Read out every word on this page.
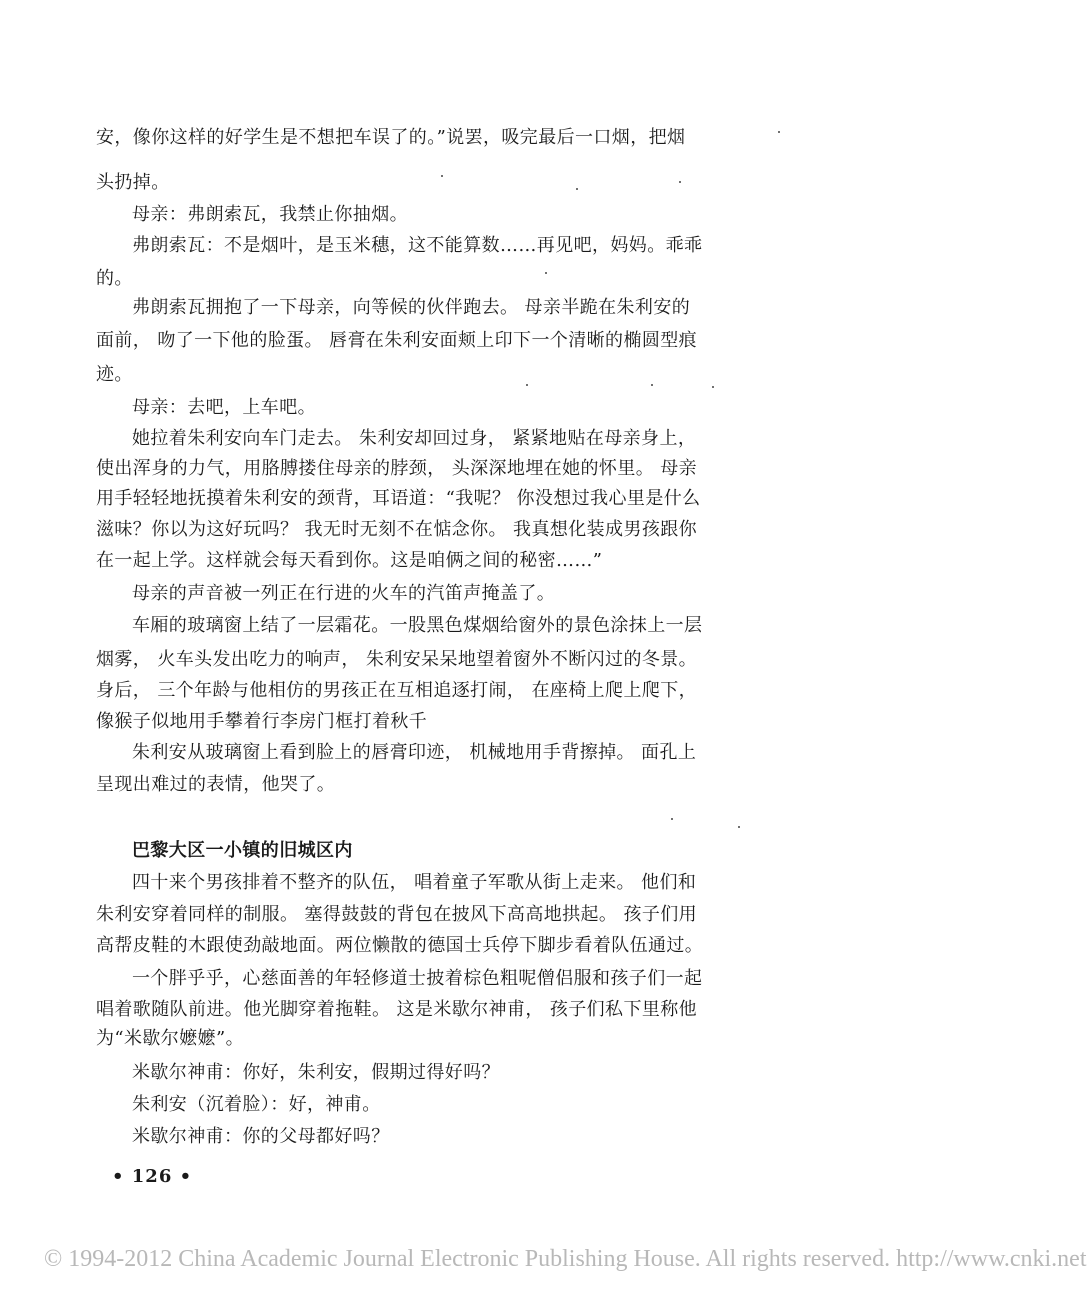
安，像你这样的好学生是不想把车误了的。”说罢，吸完最后一口烟，把烟
头扔掉。
母亲：弗朗索瓦，我禁止你抽烟。
弗朗索瓦：不是烟叶，是玉米穗，这不能算数……再见吧，妈妈。乖乖
的。
弗朗索瓦拥抱了一下母亲，向等候的伙伴跑去。 母亲半跪在朱利安的
面前， 吻了一下他的脸蛋。 唇膏在朱利安面颊上印下一个清晰的椭圆型痕
迹。
母亲：去吧，上车吧。
她拉着朱利安向车门走去。 朱利安却回过身， 紧紧地贴在母亲身上，
使出浑身的力气，用胳膊搂住母亲的脖颈， 头深深地埋在她的怀里。 母亲
用手轻轻地抚摸着朱利安的颈背，耳语道：“我呢？ 你没想过我心里是什么
滋味？你以为这好玩吗？ 我无时无刻不在惦念你。 我真想化装成男孩跟你
在一起上学。这样就会每天看到你。这是咱俩之间的秘密……”
母亲的声音被一列正在行进的火车的汽笛声掩盖了。
车厢的玻璃窗上结了一层霜花。一股黑色煤烟给窗外的景色涂抹上一层
烟雾， 火车头发出吃力的响声， 朱利安呆呆地望着窗外不断闪过的冬景。
身后， 三个年龄与他相仿的男孩正在互相追逐打闹， 在座椅上爬上爬下，
像猴子似地用手攀着行李房门框打着秋千
朱利安从玻璃窗上看到脸上的唇膏印迹， 机械地用手背擦掉。 面孔上
呈现出难过的表情，他哭了。
巴黎大区一小镇的旧城区内
四十来个男孩排着不整齐的队伍， 唱着童子军歌从街上走来。 他们和
朱利安穿着同样的制服。 塞得鼓鼓的背包在披风下高高地拱起。 孩子们用
高帮皮鞋的木跟使劲敲地面。两位懒散的德国士兵停下脚步看着队伍通过。
一个胖乎乎，心慈面善的年轻修道士披着棕色粗呢僧侣服和孩子们一起
唱着歌随队前进。他光脚穿着拖鞋。 这是米歇尔神甫， 孩子们私下里称他
为“米歇尔嬷嬷”。
米歇尔神甫：你好，朱利安，假期过得好吗？
朱利安（沉着脸）：好，神甫。
米歇尔神甫：你的父母都好吗？
• 126 •
© 1994-2012 China Academic Journal Electronic Publishing House. All rights reserved. http://www.cnki.net
